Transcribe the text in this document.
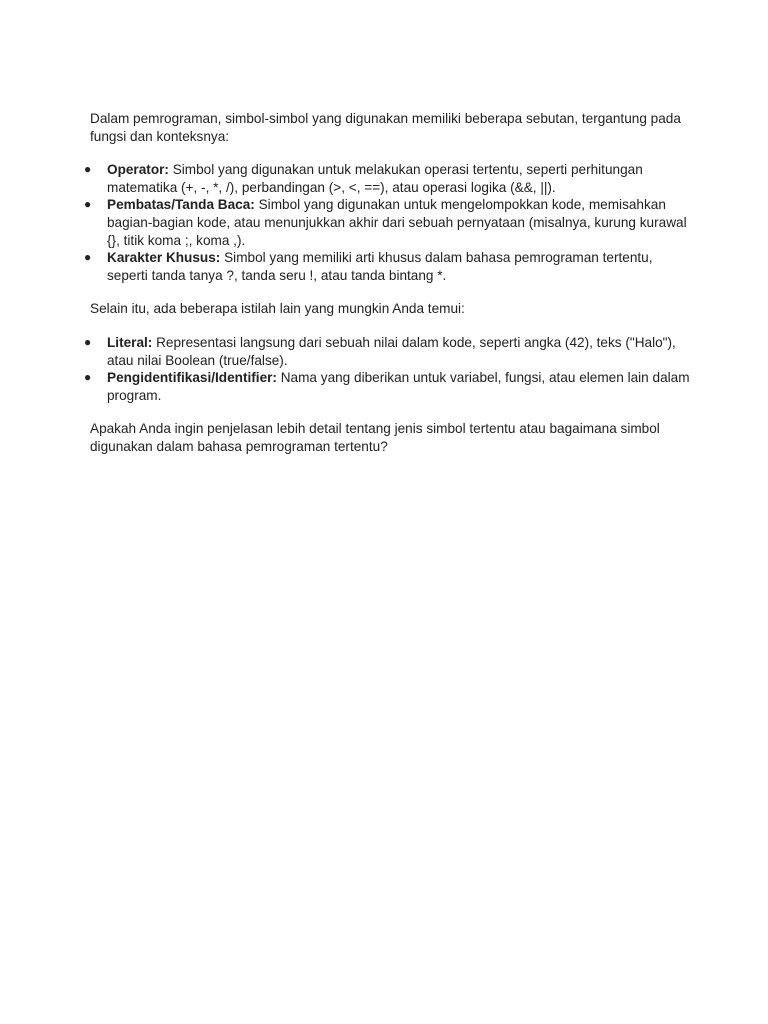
Dalam pemrograman, simbol-simbol yang digunakan memiliki beberapa sebutan, tergantung pada fungsi dan konteksnya:

● Operator: Simbol yang digunakan untuk melakukan operasi tertentu, seperti perhitungan matematika (+, -, *, /), perbandingan (>, <, ==), atau operasi logika (&&, ||).
● Pembatas/Tanda Baca: Simbol yang digunakan untuk mengelompokkan kode, memisahkan bagian-bagian kode, atau menunjukkan akhir dari sebuah pernyataan (misalnya, kurung kurawal {}, titik koma ;, koma ,).
● Karakter Khusus: Simbol yang memiliki arti khusus dalam bahasa pemrograman tertentu, seperti tanda tanya ?, tanda seru !, atau tanda bintang *.

Selain itu, ada beberapa istilah lain yang mungkin Anda temui:

● Literal: Representasi langsung dari sebuah nilai dalam kode, seperti angka (42), teks ("Halo"), atau nilai Boolean (true/false).
● Pengidentifikasi/Identifier: Nama yang diberikan untuk variabel, fungsi, atau elemen lain dalam program.

Apakah Anda ingin penjelasan lebih detail tentang jenis simbol tertentu atau bagaimana simbol digunakan dalam bahasa pemrograman tertentu?
